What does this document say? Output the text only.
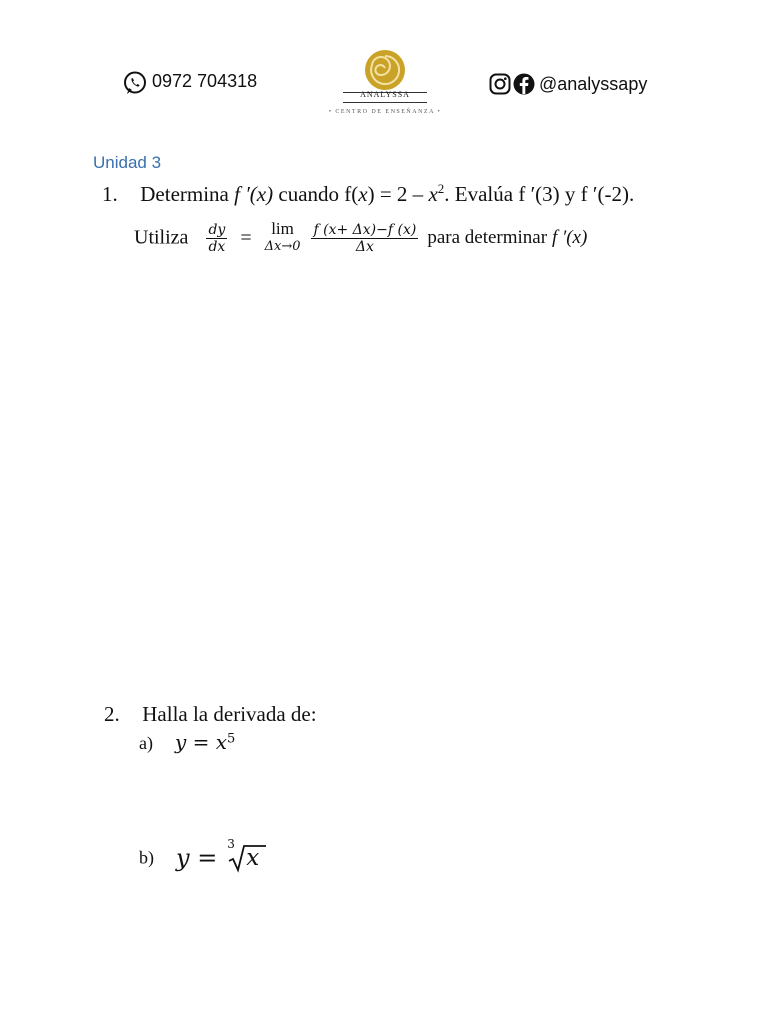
0972 704318
ANALYSSA
• CENTRO DE ENSEÑANZA •
@analyssapy
Unidad 3
1. Determina f ′(x) cuando $f(x) = 2 - x^2$. Evalúa f ′(3) y f ′(-2).
Utiliza $\frac{dy}{dx}$ =	lim
Δx→0
$\frac{f (x+ \Delta x)-f (x)}{\Delta x}$ para determinar f ′(x)
2. Halla la derivada de:
a) $y = x^5$
b) y = 3
x
